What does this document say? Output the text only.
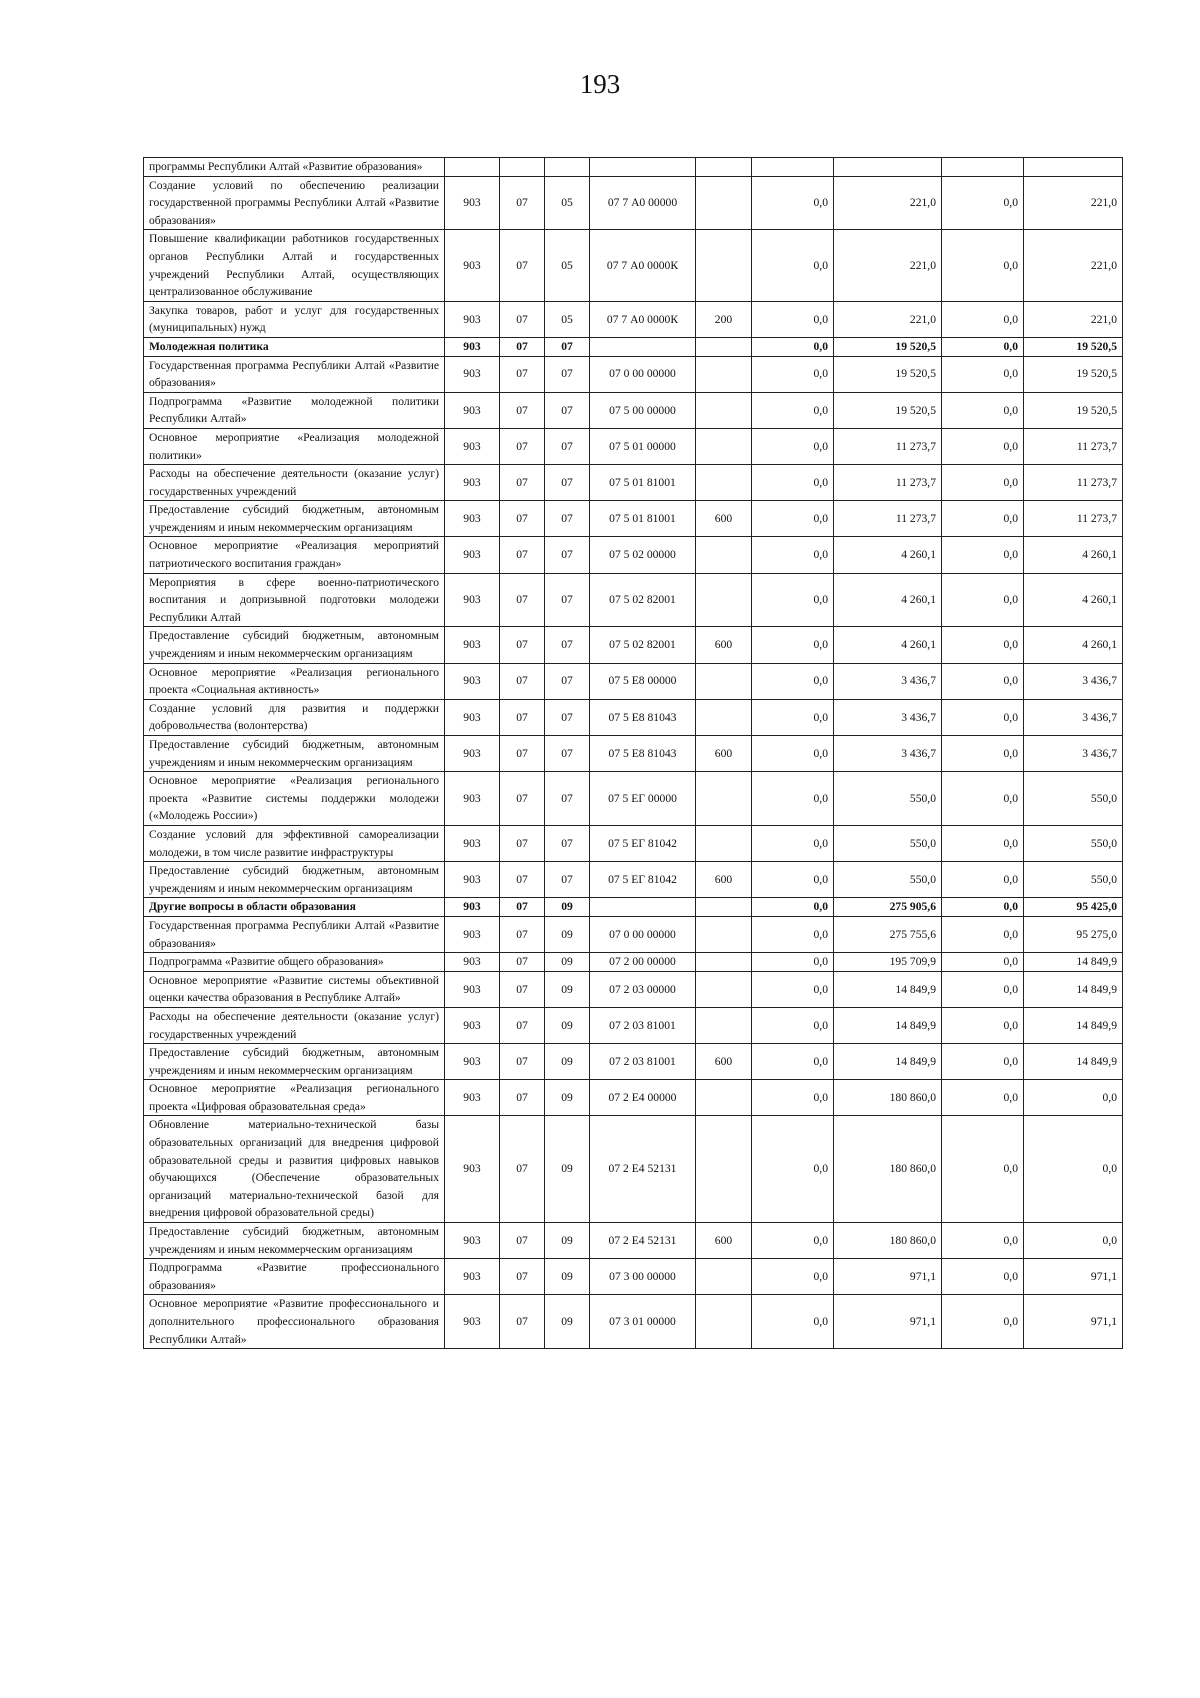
193
программы Республики Алтай «Развитие образования»									
Создание условий по обеспечению реализации государственной программы Республики Алтай «Развитие образования»	903	07	05	07 7 А0 00000		0,0	221,0	0,0	221,0
Повышение квалификации работников государственных органов Республики Алтай и государственных учреждений Республики Алтай, осуществляющих централизованное обслуживание	903	07	05	07 7 А0 0000К		0,0	221,0	0,0	221,0
Закупка товаров, работ и услуг для государственных (муниципальных) нужд	903	07	05	07 7 А0 0000К	200	0,0	221,0	0,0	221,0
Молодежная политика	903	07	07			0,0	19 520,5	0,0	19 520,5
Государственная программа Республики Алтай «Развитие образования»	903	07	07	07 0 00 00000		0,0	19 520,5	0,0	19 520,5
Подпрограмма «Развитие молодежной политики Республики Алтай»	903	07	07	07 5 00 00000		0,0	19 520,5	0,0	19 520,5
Основное мероприятие «Реализация молодежной политики»	903	07	07	07 5 01 00000		0,0	11 273,7	0,0	11 273,7
Расходы на обеспечение деятельности (оказание услуг) государственных учреждений	903	07	07	07 5 01 81001		0,0	11 273,7	0,0	11 273,7
Предоставление субсидий бюджетным, автономным учреждениям и иным некоммерческим организациям	903	07	07	07 5 01 81001	600	0,0	11 273,7	0,0	11 273,7
Основное мероприятие «Реализация мероприятий патриотического воспитания граждан»	903	07	07	07 5 02 00000		0,0	4 260,1	0,0	4 260,1
Мероприятия в сфере военно-патриотического воспитания и допризывной подготовки молодежи Республики Алтай	903	07	07	07 5 02 82001		0,0	4 260,1	0,0	4 260,1
Предоставление субсидий бюджетным, автономным учреждениям и иным некоммерческим организациям	903	07	07	07 5 02 82001	600	0,0	4 260,1	0,0	4 260,1
Основное мероприятие «Реализация регионального проекта «Социальная активность»	903	07	07	07 5 Е8 00000		0,0	3 436,7	0,0	3 436,7
Создание условий для развития и поддержки добровольчества (волонтерства)	903	07	07	07 5 Е8 81043		0,0	3 436,7	0,0	3 436,7
Предоставление субсидий бюджетным, автономным учреждениям и иным некоммерческим организациям	903	07	07	07 5 Е8 81043	600	0,0	3 436,7	0,0	3 436,7
Основное мероприятие «Реализация регионального проекта «Развитие системы поддержки молодежи («Молодежь России»)	903	07	07	07 5 ЕГ 00000		0,0	550,0	0,0	550,0
Создание условий для эффективной самореализации молодежи, в том числе развитие инфраструктуры	903	07	07	07 5 ЕГ 81042		0,0	550,0	0,0	550,0
Предоставление субсидий бюджетным, автономным учреждениям и иным некоммерческим организациям	903	07	07	07 5 ЕГ 81042	600	0,0	550,0	0,0	550,0
Другие вопросы в области образования	903	07	09			0,0	275 905,6	0,0	95 425,0
Государственная программа Республики Алтай «Развитие образования»	903	07	09	07 0 00 00000		0,0	275 755,6	0,0	95 275,0
Подпрограмма «Развитие общего образования»	903	07	09	07 2 00 00000		0,0	195 709,9	0,0	14 849,9
Основное мероприятие «Развитие системы объективной оценки качества образования в Республике Алтай»	903	07	09	07 2 03 00000		0,0	14 849,9	0,0	14 849,9
Расходы на обеспечение деятельности (оказание услуг) государственных учреждений	903	07	09	07 2 03 81001		0,0	14 849,9	0,0	14 849,9
Предоставление субсидий бюджетным, автономным учреждениям и иным некоммерческим организациям	903	07	09	07 2 03 81001	600	0,0	14 849,9	0,0	14 849,9
Основное мероприятие «Реализация регионального проекта «Цифровая образовательная среда»	903	07	09	07 2 Е4 00000		0,0	180 860,0	0,0	0,0
Обновление материально-технической базы образовательных организаций для внедрения цифровой образовательной среды и развития цифровых навыков обучающихся (Обеспечение образовательных организаций материально-технической базой для внедрения цифровой образовательной среды)	903	07	09	07 2 Е4 52131		0,0	180 860,0	0,0	0,0
Предоставление субсидий бюджетным, автономным учреждениям и иным некоммерческим организациям	903	07	09	07 2 Е4 52131	600	0,0	180 860,0	0,0	0,0
Подпрограмма «Развитие профессионального образования»	903	07	09	07 3 00 00000		0,0	971,1	0,0	971,1
Основное мероприятие «Развитие профессионального и дополнительного профессионального образования Республики Алтай»	903	07	09	07 3 01 00000		0,0	971,1	0,0	971,1
